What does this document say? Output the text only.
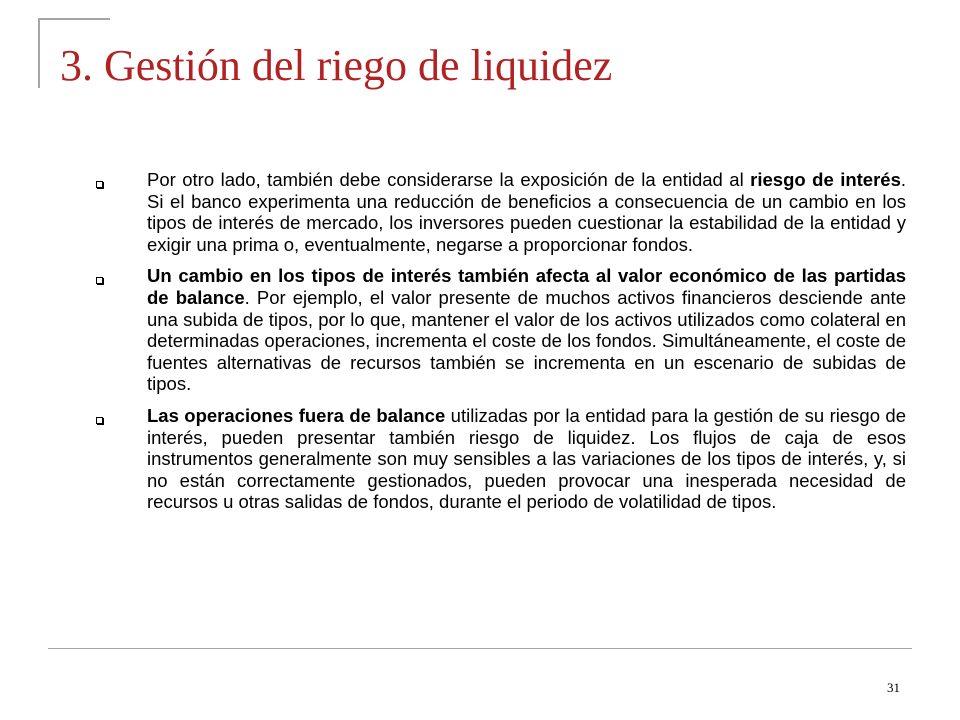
3. Gestión del riego de liquidez
Por otro lado, también debe considerarse la exposición de la entidad al riesgo de interés. Si el banco experimenta una reducción de beneficios a consecuencia de un cambio en los tipos de interés de mercado, los inversores pueden cuestionar la estabilidad de la entidad y exigir una prima o, eventualmente, negarse a proporcionar fondos.
Un cambio en los tipos de interés también afecta al valor económico de las partidas de balance. Por ejemplo, el valor presente de muchos activos financieros desciende ante una subida de tipos, por lo que, mantener el valor de los activos utilizados como colateral en determinadas operaciones, incrementa el coste de los fondos. Simultáneamente, el coste de fuentes alternativas de recursos también se incrementa en un escenario de subidas de tipos.
Las operaciones fuera de balance utilizadas por la entidad para la gestión de su riesgo de interés, pueden presentar también riesgo de liquidez. Los flujos de caja de esos instrumentos generalmente son muy sensibles a las variaciones de los tipos de interés, y, si no están correctamente gestionados, pueden provocar una inesperada necesidad de recursos u otras salidas de fondos, durante el periodo de volatilidad de tipos.
31
